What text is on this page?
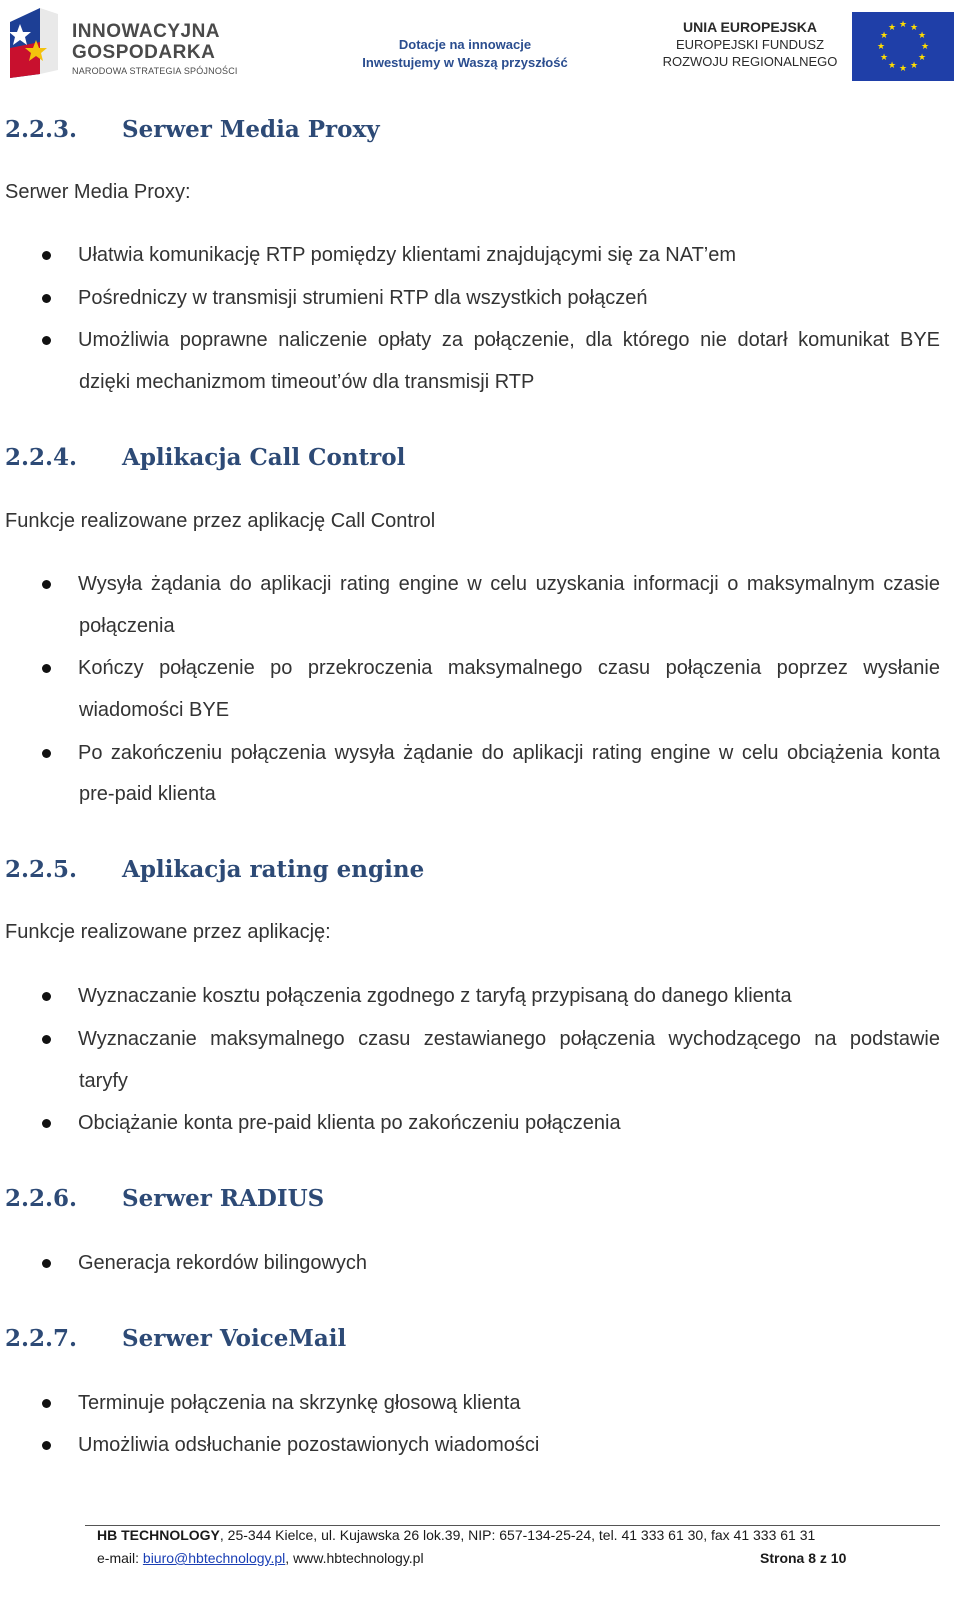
INNOWACYJNA
GOSPODARKA
NARODOWA STRATEGIA SPÓJNOŚCI
Dotacje na innowacje
Inwestujemy w Waszą przyszłość
UNIA EUROPEJSKA
EUROPEJSKI FUNDUSZ
ROZWOJU REGIONALNEGO
★ ★
★
★
★
★
★
★
★
★
★
★
2.2.3. Serwer Media Proxy
Serwer Media Proxy:
Ułatwia komunikację RTP pomiędzy klientami znajdującymi się za NAT’em
Pośredniczy w transmisji strumieni RTP dla wszystkich połączeń
Umożliwia poprawne naliczenie opłaty za połączenie, dla którego nie dotarł komunikat BYE
dzięki mechanizmom timeout’ów dla transmisji RTP
2.2.4. Aplikacja Call Control
Funkcje realizowane przez aplikację Call Control
Wysyła żądania do aplikacji rating engine w celu uzyskania informacji o maksymalnym czasie
połączenia
Kończy połączenie po przekroczenia maksymalnego czasu połączenia poprzez wysłanie
wiadomości BYE
Po zakończeniu połączenia wysyła żądanie do aplikacji rating engine w celu obciążenia konta
pre-paid klienta
2.2.5. Aplikacja rating engine
Funkcje realizowane przez aplikację:
Wyznaczanie kosztu połączenia zgodnego z taryfą przypisaną do danego klienta
Wyznaczanie maksymalnego czasu zestawianego połączenia wychodzącego na podstawie
taryfy
Obciążanie konta pre-paid klienta po zakończeniu połączenia
2.2.6. Serwer RADIUS
Generacja rekordów bilingowych
2.2.7. Serwer VoiceMail
Terminuje połączenia na skrzynkę głosową klienta
Umożliwia odsłuchanie pozostawionych wiadomości
HB TECHNOLOGY, 25-344 Kielce, ul. Kujawska 26 lok.39, NIP: 657-134-25-24, tel. 41 333 61 30, fax 41 333 61 31
e-mail: biuro@hbtechnology.pl, www.hbtechnology.pl	Strona 8 z 10
